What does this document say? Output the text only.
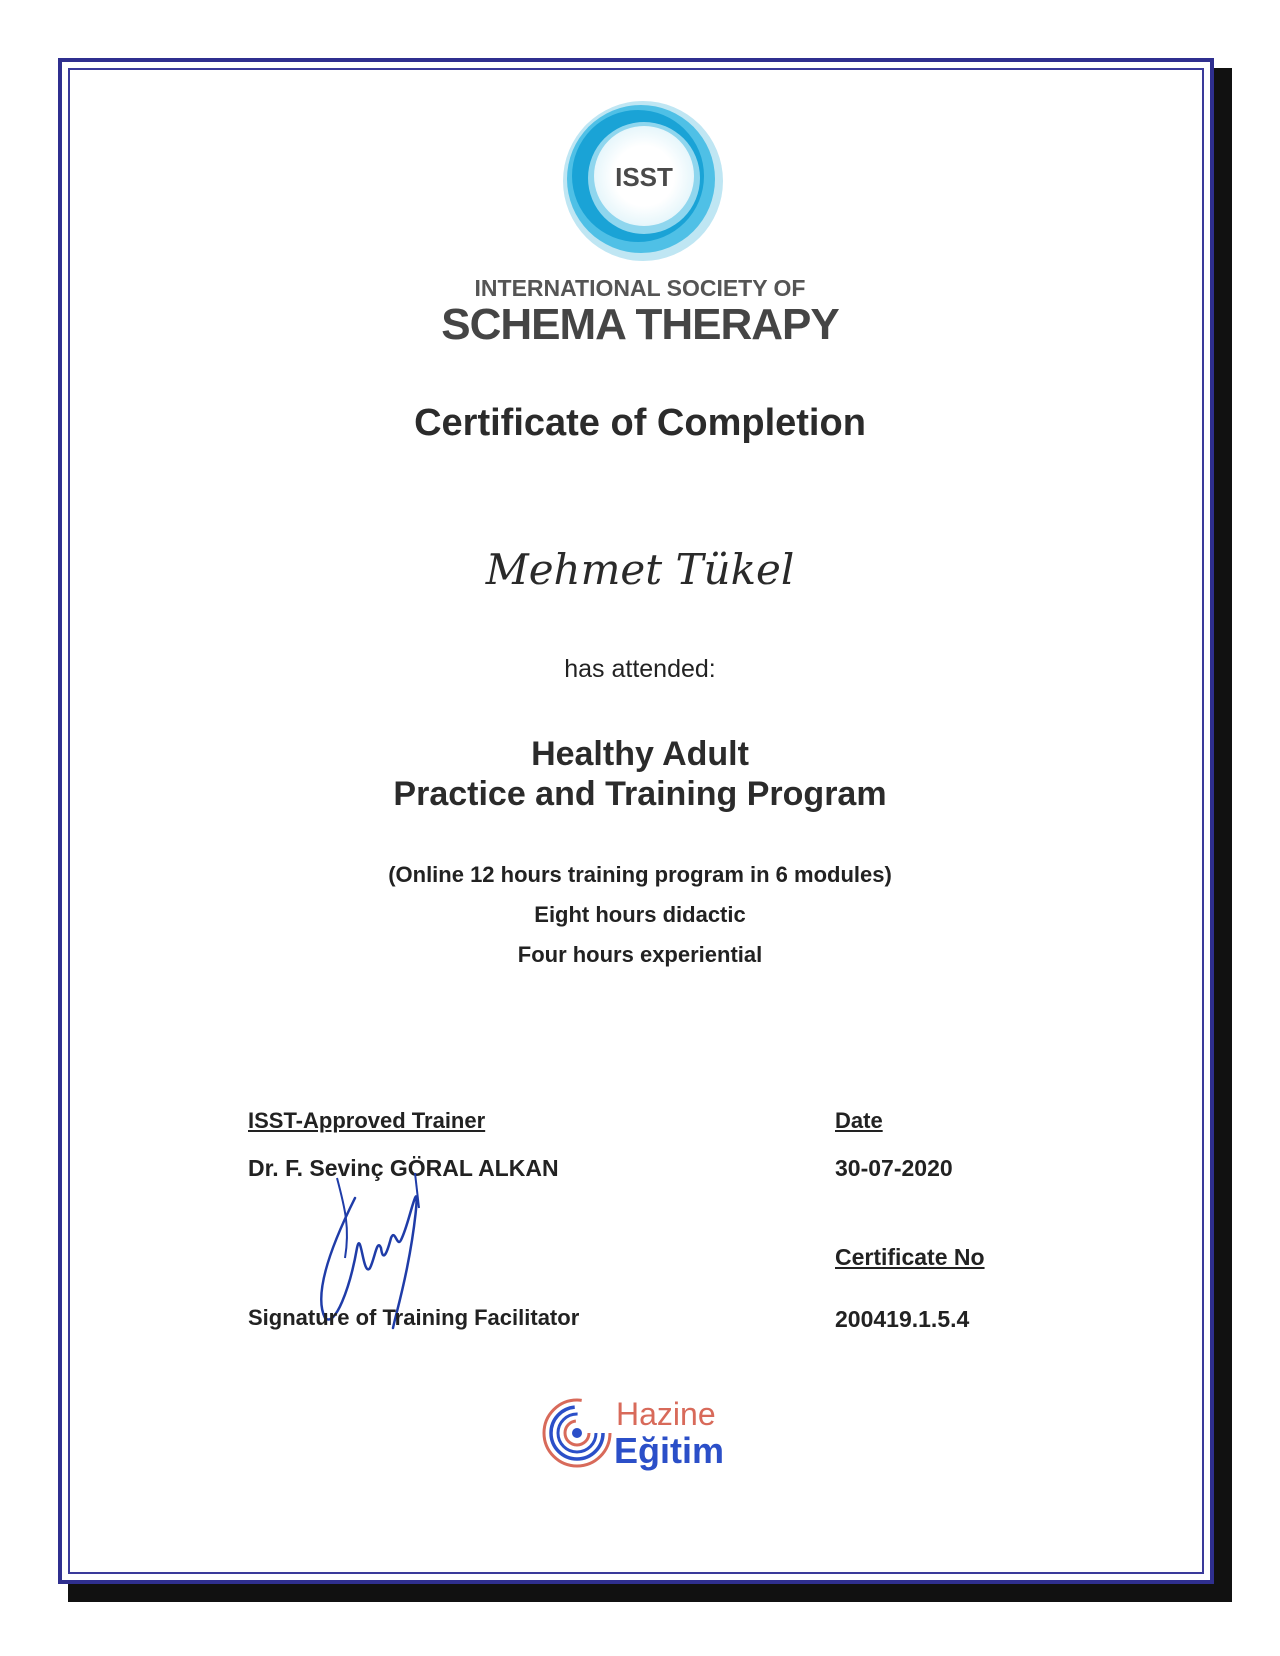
ISST
INTERNATIONAL SOCIETY OF
SCHEMA THERAPY
Certificate of Completion
Mehmet Tükel
has attended:
Healthy Adult
Practice and Training Program
(Online 12 hours training program in 6 modules)
Eight hours didactic
Four hours experiential
ISST-Approved Trainer
Dr. F. Sevinç GÖRAL ALKAN
Signature of Training Facilitator
Date
30-07-2020
Certificate No
200419.1.5.4
Hazine
Eğitim
